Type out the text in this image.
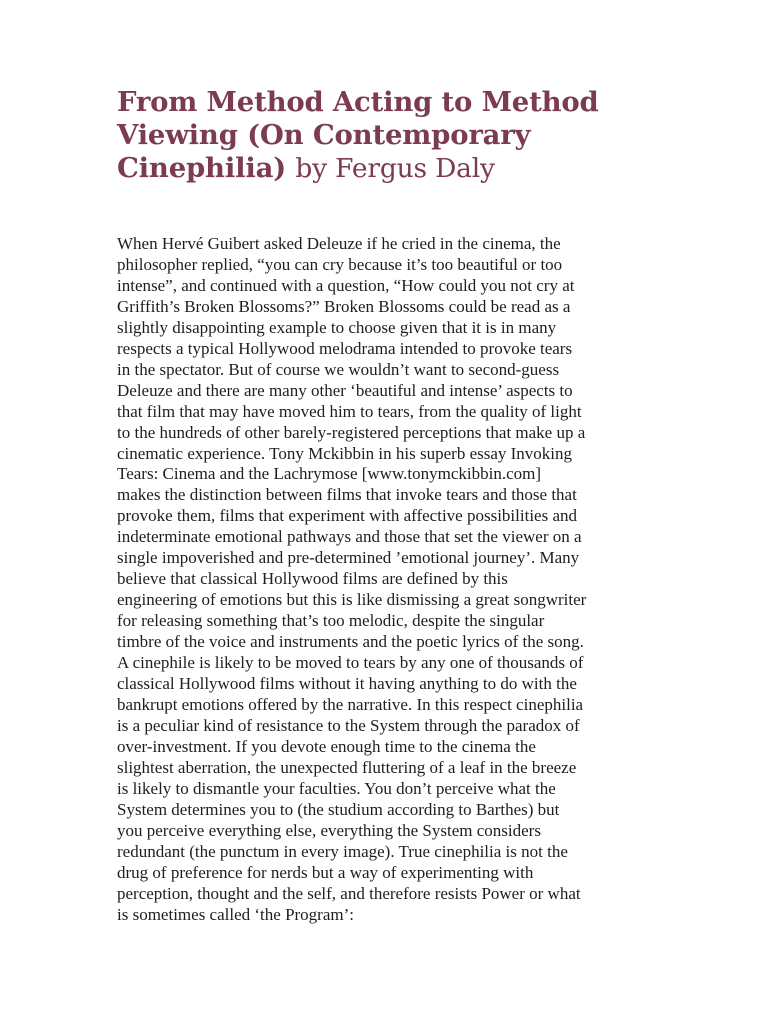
From Method Acting to Method Viewing (On Contemporary Cinephilia) by Fergus Daly
When Hervé Guibert asked Deleuze if he cried in the cinema, the
philosopher replied, “you can cry because it’s too beautiful or too
intense”, and continued with a question, “How could you not cry at
Griffith’s Broken Blossoms?” Broken Blossoms could be read as a
slightly disappointing example to choose given that it is in many
respects a typical Hollywood melodrama intended to provoke tears
in the spectator. But of course we wouldn’t want to second-guess
Deleuze and there are many other ‘beautiful and intense’ aspects to
that film that may have moved him to tears, from the quality of light
to the hundreds of other barely-registered perceptions that make up a
cinematic experience. Tony Mckibbin in his superb essay Invoking
Tears: Cinema and the Lachrymose [www.tonymckibbin.com]
makes the distinction between films that invoke tears and those that
provoke them, films that experiment with affective possibilities and
indeterminate emotional pathways and those that set the viewer on a
single impoverished and pre-determined ’emotional journey’. Many
believe that classical Hollywood films are defined by this
engineering of emotions but this is like dismissing a great songwriter
for releasing something that’s too melodic, despite the singular
timbre of the voice and instruments and the poetic lyrics of the song.
A cinephile is likely to be moved to tears by any one of thousands of
classical Hollywood films without it having anything to do with the
bankrupt emotions offered by the narrative. In this respect cinephilia
is a peculiar kind of resistance to the System through the paradox of
over-investment. If you devote enough time to the cinema the
slightest aberration, the unexpected fluttering of a leaf in the breeze
is likely to dismantle your faculties. You don’t perceive what the
System determines you to (the studium according to Barthes) but
you perceive everything else, everything the System considers
redundant (the punctum in every image). True cinephilia is not the
drug of preference for nerds but a way of experimenting with
perception, thought and the self, and therefore resists Power or what
is sometimes called ‘the Program’:
